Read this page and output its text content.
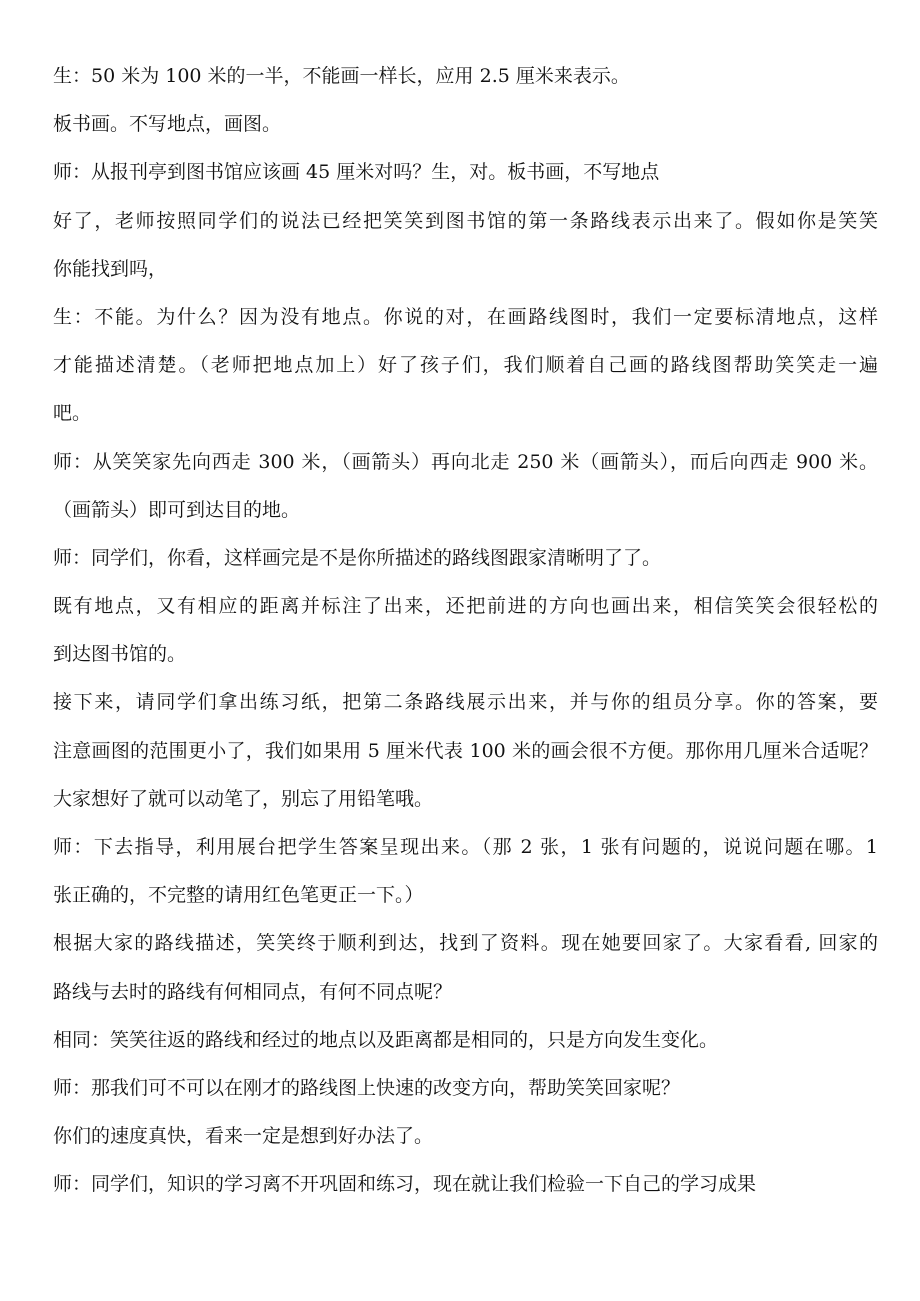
生：50 米为 100 米的一半，不能画一样长，应用 2.5 厘米来表示。
板书画。不写地点，画图。
师：从报刊亭到图书馆应该画 45 厘米对吗？生，对。板书画，不写地点
好了，老师按照同学们的说法已经把笑笑到图书馆的第一条路线表示出来了。假如你是笑笑
你能找到吗，
生：不能。为什么？因为没有地点。你说的对，在画路线图时，我们一定要标清地点，这样
才能描述清楚。（老师把地点加上）好了孩子们，我们顺着自己画的路线图帮助笑笑走一遍
吧。
师：从笑笑家先向西走 300 米，（画箭头）再向北走 250 米（画箭头），而后向西走 900 米。
（画箭头）即可到达目的地。
师：同学们，你看，这样画完是不是你所描述的路线图跟家清晰明了了。
既有地点，又有相应的距离并标注了出来，还把前进的方向也画出来，相信笑笑会很轻松的
到达图书馆的。
接下来，请同学们拿出练习纸，把第二条路线展示出来，并与你的组员分享。你的答案，要
注意画图的范围更小了，我们如果用 5 厘米代表 100 米的画会很不方便。那你用几厘米合适呢？
大家想好了就可以动笔了，别忘了用铅笔哦。
师：下去指导，利用展台把学生答案呈现出来。（那 2 张，1 张有问题的，说说问题在哪。1
张正确的，不完整的请用红色笔更正一下。）
根据大家的路线描述，笑笑终于顺利到达，找到了资料。现在她要回家了。大家看看, 回家的
路线与去时的路线有何相同点，有何不同点呢？
相同：笑笑往返的路线和经过的地点以及距离都是相同的，只是方向发生变化。
师：那我们可不可以在刚才的路线图上快速的改变方向，帮助笑笑回家呢？
你们的速度真快，看来一定是想到好办法了。
师：同学们，知识的学习离不开巩固和练习，现在就让我们检验一下自己的学习成果
